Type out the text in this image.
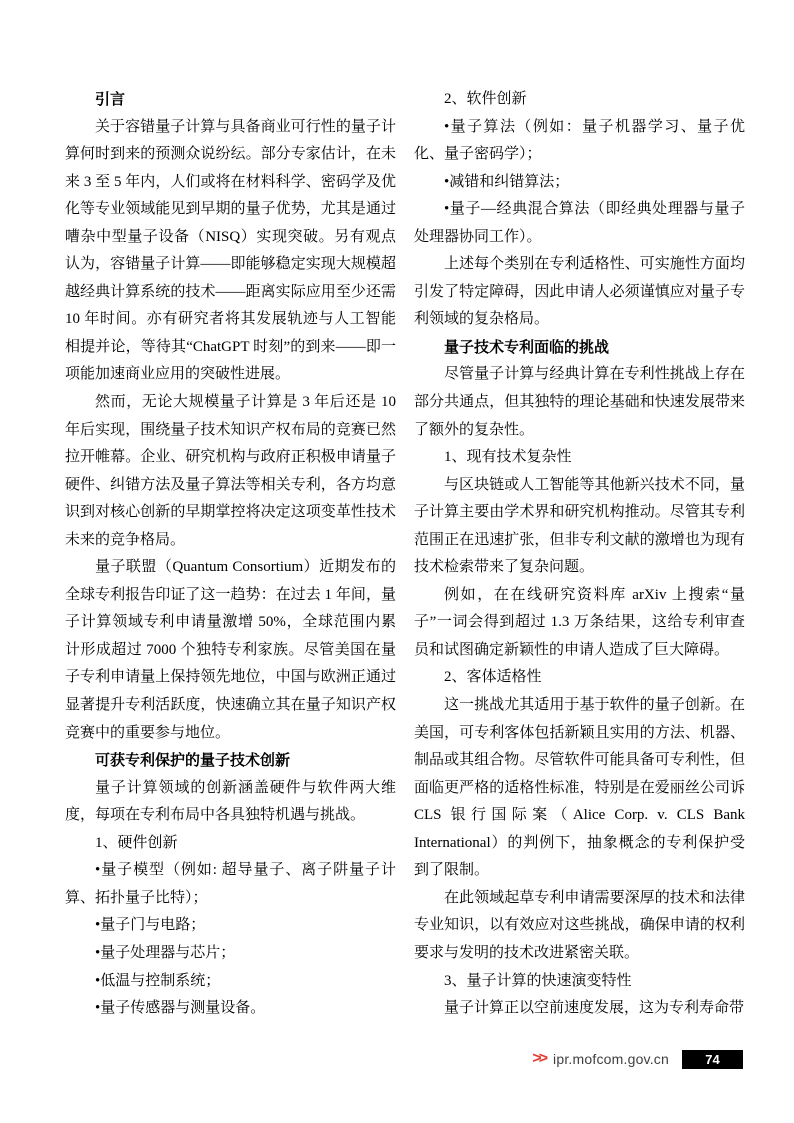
引言

关于容错量子计算与具备商业可行性的量子计算何时到来的预测众说纷纭。部分专家估计，在未来 3 至 5 年内，人们或将在材料科学、密码学及优化等专业领域能见到早期的量子优势，尤其是通过嘈杂中型量子设备（NISQ）实现突破。另有观点认为，容错量子计算——即能够稳定实现大规模超越经典计算系统的技术——距离实际应用至少还需 10 年时间。亦有研究者将其发展轨迹与人工智能相提并论，等待其“ChatGPT 时刻”的到来——即一项能加速商业应用的突破性进展。

然而，无论大规模量子计算是 3 年后还是 10 年后实现，围绕量子技术知识产权布局的竞赛已然拉开帷幕。企业、研究机构与政府正积极申请量子硬件、纠错方法及量子算法等相关专利，各方均意识到对核心创新的早期掌控将决定这项变革性技术未来的竞争格局。

量子联盟（Quantum Consortium）近期发布的全球专利报告印证了这一趋势：在过去 1 年间，量子计算领域专利申请量激增 50%，全球范围内累计形成超过 7000 个独特专利家族。尽管美国在量子专利申请量上保持领先地位，中国与欧洲正通过显著提升专利活跃度，快速确立其在量子知识产权竞赛中的重要参与地位。

可获专利保护的量子技术创新

量子计算领域的创新涵盖硬件与软件两大维度，每项在专利布局中各具独特机遇与挑战。

1、硬件创新

•量子模型（例如: 超导量子、离子阱量子计算、拓扑量子比特）；

•量子门与电路；

•量子处理器与芯片；

•低温与控制系统；

•量子传感器与测量设备。

2、软件创新

•量子算法（例如：量子机器学习、量子优化、量子密码学）；

•减错和纠错算法；

•量子—经典混合算法（即经典处理器与量子处理器协同工作）。

上述每个类别在专利适格性、可实施性方面均引发了特定障碍，因此申请人必须谨慎应对量子专利领域的复杂格局。

量子技术专利面临的挑战

尽管量子计算与经典计算在专利性挑战上存在部分共通点，但其独特的理论基础和快速发展带来了额外的复杂性。

1、现有技术复杂性

与区块链或人工智能等其他新兴技术不同，量子计算主要由学术界和研究机构推动。尽管其专利范围正在迅速扩张，但非专利文献的激增也为现有技术检索带来了复杂问题。

例如，在在线研究资料库 arXiv 上搜索“量子”一词会得到超过 1.3 万条结果，这给专利审查员和试图确定新颖性的申请人造成了巨大障碍。

2、客体适格性

这一挑战尤其适用于基于软件的量子创新。在美国，可专利客体包括新颖且实用的方法、机器、制品或其组合物。尽管软件可能具备可专利性，但面临更严格的适格性标准，特别是在爱丽丝公司诉 CLS 银行国际案（Alice Corp. v. CLS Bank International）的判例下，抽象概念的专利保护受到了限制。

在此领域起草专利申请需要深厚的技术和法律专业知识，以有效应对这些挑战，确保申请的权利要求与发明的技术改进紧密关联。

3、量子计算的快速演变特性

量子计算正以空前速度发展，这为专利寿命带

>> ipr.mofcom.gov.cn	74
